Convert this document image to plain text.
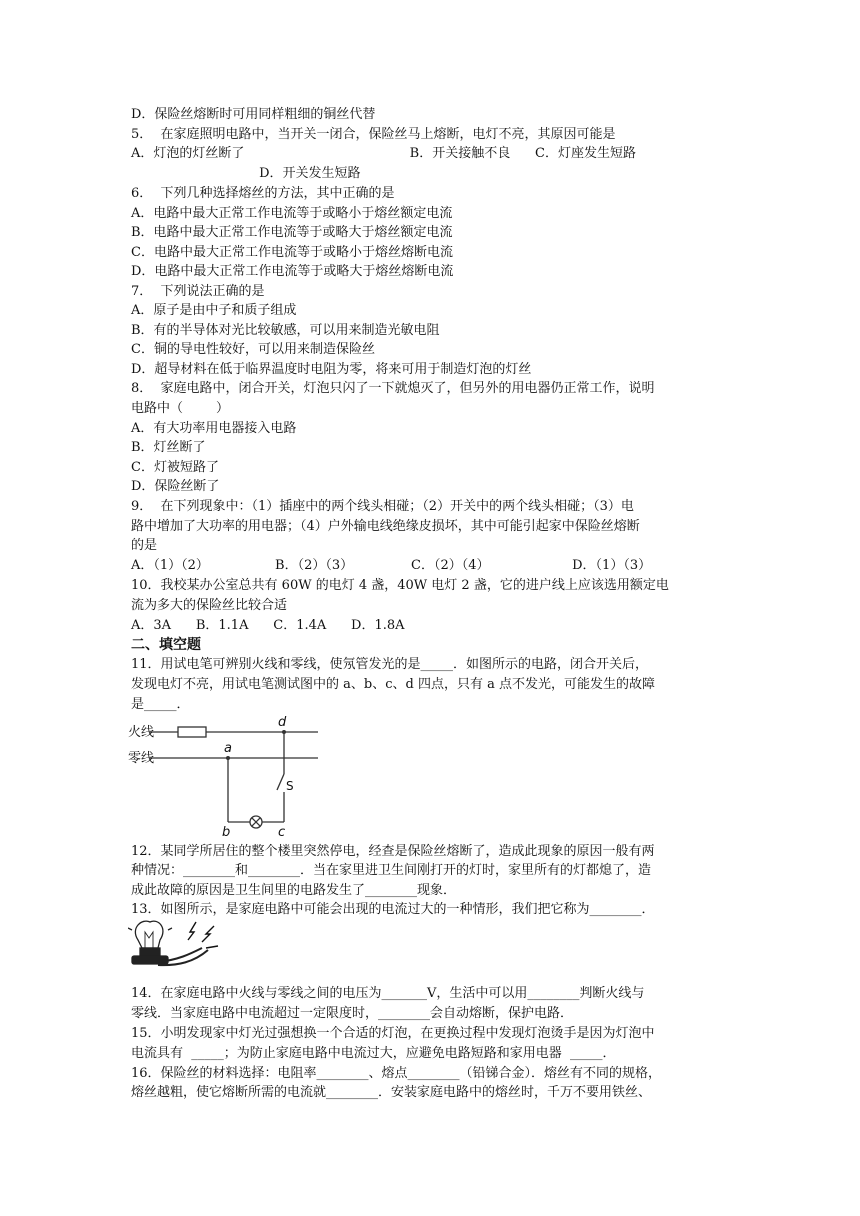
D．保险丝熔断时可用同样粗细的铜丝代替
5．  在家庭照明电路中，当开关一闭合，保险丝马上熔断，电灯不亮，其原因可能是
A．灯泡的灯丝断了                                        B．开关接触不良      C．灯座发生短路
D．开关发生短路
6．  下列几种选择熔丝的方法，其中正确的是
A．电路中最大正常工作电流等于或略小于熔丝额定电流
B．电路中最大正常工作电流等于或略大于熔丝额定电流
C．电路中最大正常工作电流等于或略小于熔丝熔断电流
D．电路中最大正常工作电流等于或略大于熔丝熔断电流
7．  下列说法正确的是
A．原子是由中子和质子组成
B．有的半导体对光比较敏感，可以用来制造光敏电阻
C．铜的导电性较好，可以用来制造保险丝
D．超导材料在低于临界温度时电阻为零，将来可用于制造灯泡的灯丝
8．  家庭电路中，闭合开关，灯泡只闪了一下就熄灭了，但另外的用电器仍正常工作，说明
电路中（        ）
A．有大功率用电器接入电路
B．灯丝断了
C．灯被短路了
D．保险丝断了
9．  在下列现象中：（1）插座中的两个线头相碰；（2）开关中的两个线头相碰；（3）电
路中增加了大功率的用电器；（4）户外输电线绝缘皮损坏，其中可能引起家中保险丝熔断
的是
A．（1）（2）                B．（2）（3）              C．（2）（4）                    D．（1）（3）
10．我校某办公室总共有 60W 的电灯 4 盏，40W 电灯 2 盏，它的进户线上应该选用额定电
流为多大的保险丝比较合适
A．3A      B．1.1A      C．1.4A      D．1.8A
二、填空题
11．用试电笔可辨别火线和零线，使氖管发光的是_____．如图所示的电路，闭合开关后，
发现电灯不亮，用试电笔测试图中的 a、b、c、d 四点，只有 a 点不发光，可能发生的故障
是_____．
火线
零线
a
d
b	c
S
12．某同学所居住的整个楼里突然停电，经查是保险丝熔断了，造成此现象的原因一般有两
种情况：________和________．当在家里进卫生间刚打开的灯时，家里所有的灯都熄了，造
成此故障的原因是卫生间里的电路发生了________现象．
13．如图所示，是家庭电路中可能会出现的电流过大的一种情形，我们把它称为________．
14．在家庭电路中火线与零线之间的电压为_______V，生活中可以用________判断火线与
零线．当家庭电路中电流超过一定限度时，________会自动熔断，保护电路．
15．小明发现家中灯光过强想换一个合适的灯泡，在更换过程中发现灯泡烫手是因为灯泡中
电流具有  _____；为防止家庭电路中电流过大，应避免电路短路和家用电器  _____．
16．保险丝的材料选择：电阻率________、熔点________（铅锑合金）．熔丝有不同的规格，
熔丝越粗，使它熔断所需的电流就________．安装家庭电路中的熔丝时，千万不要用铁丝、
